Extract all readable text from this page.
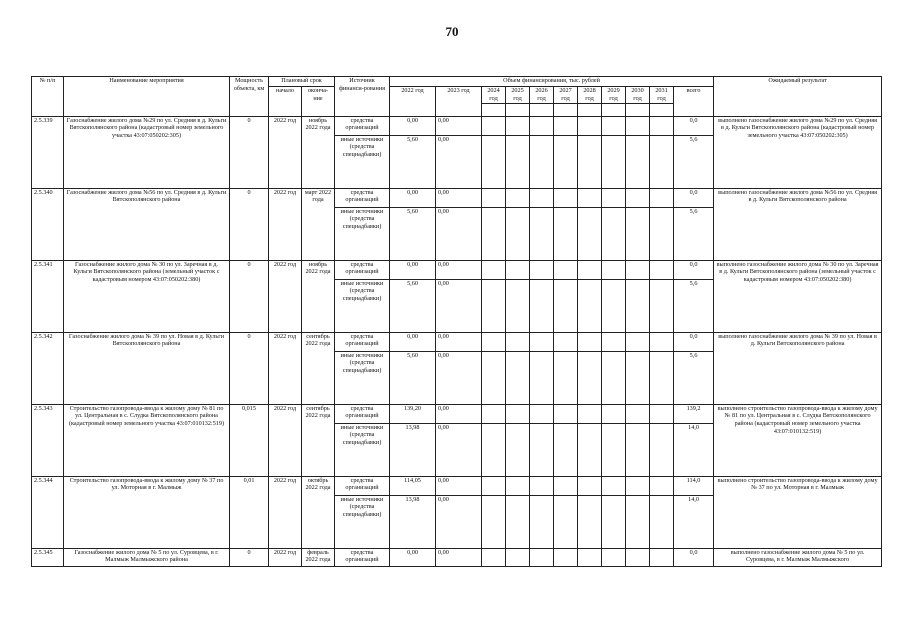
70
№ п/п	Наименование мероприятия	Мощность объекта, км	Плановый срок		Источник финанси-рования	Объем финансирования, тыс. рублей											Ожидаемый результат
			начало	оконча-ние		2022 год	2023 год	2024 год	2025 год	2026 год	2027 год	2028 год	2029 год	2030 год	2031 год	всего	

2.5.339	Газоснабжение жилого дома №29 по ул. Средняя в д. Кульги Вятскополянского района (кадастровый номер земельного участка 43:07:050202:305)	0	2022 год	ноябрь 2022 года	средства организаций	0,00	0,00									0,0	выполнено газоснабжение жилого дома №29 по ул. Средняя в д. Кульги Вятскополянского района (кадастровый номер земельного участка 43:07:050202:305)
					иные источники (средства спецнадбавки)	5,60	0,00									5,6	
2.5.340	Газоснабжение жилого дома №56 по ул. Средняя в д. Кульги Вятскополянского района	0	2022 год	март 2022 года	средства организаций	0,00	0,00									0,0	выполнено газоснабжение жилого дома №56 по ул. Средняя в д. Кульги Вятскополянского района
					иные источники (средства спецнадбавки)	5,60	0,00									5,6	
2.5.341	Газоснабжение жилого дома № 30 по ул. Заречная в д. Кульги Вятскополянского района (земельный участок с кадастровым номером 43:07:050202:380)	0	2022 год	ноябрь 2022 года	средства организаций	0,00	0,00									0,0	выполнено газоснабжение жилого дома № 30 по ул. Заречная в д. Кульги Вятскополянского района (земельный участок с кадастровым номером 43:07:050202:380)
					иные источники (средства спецнадбавки)	5,60	0,00									5,6	
2.5.342	Газоснабжение жилого дома № 39 по ул. Новая в д. Кульги Вятскополянского района	0	2022 год	сентябрь 2022 года	средства организаций	0,00	0,00									0,0	выполнено газоснабжение жилого дома № 39 по ул. Новая в д. Кульги Вятскополянского района
					иные источники (средства спецнадбавки)	5,60	0,00									5,6	
2.5.343	Строительство газопровода-ввода к жилому дому № 81 по ул. Центральная в с. Слудка Вятскополянского района (кадастровый номер земельного участка 43:07:010132:519)	0,015	2022 год	сентябрь 2022 года	средства организаций	139,20	0,00									139,2	выполнено строительство газопровода-ввода к жилому дому № 81 по ул. Центральная в с. Слудка Вятскополянского района (кадастровый номер земельного участка 43:07:010132:519)
					иные источники (средства спецнадбавки)	13,98	0,00									14,0	
2.5.344	Строительство газопровода-ввода к жилому дому № 37 по ул. Моторная в г. Малмыж	0,01	2022 год	октябрь 2022 года	средства организаций	114,05	0,00									114,0	выполнено строительство газопровода-ввода к жилому дому № 37 по ул. Моторная в г. Малмыж
					иные источники (средства спецнадбавки)	13,98	0,00									14,0	
2.5.345	Газоснабжение жилого дома № 5 по ул. Суровцева, в г. Малмыж Малмыжского района	0	2022 год	февраль 2022 года	средства организаций	0,00	0,00									0,0	выполнено газоснабжение жилого дома № 5 по ул. Суровцева, в г. Малмыж Малмыжского
